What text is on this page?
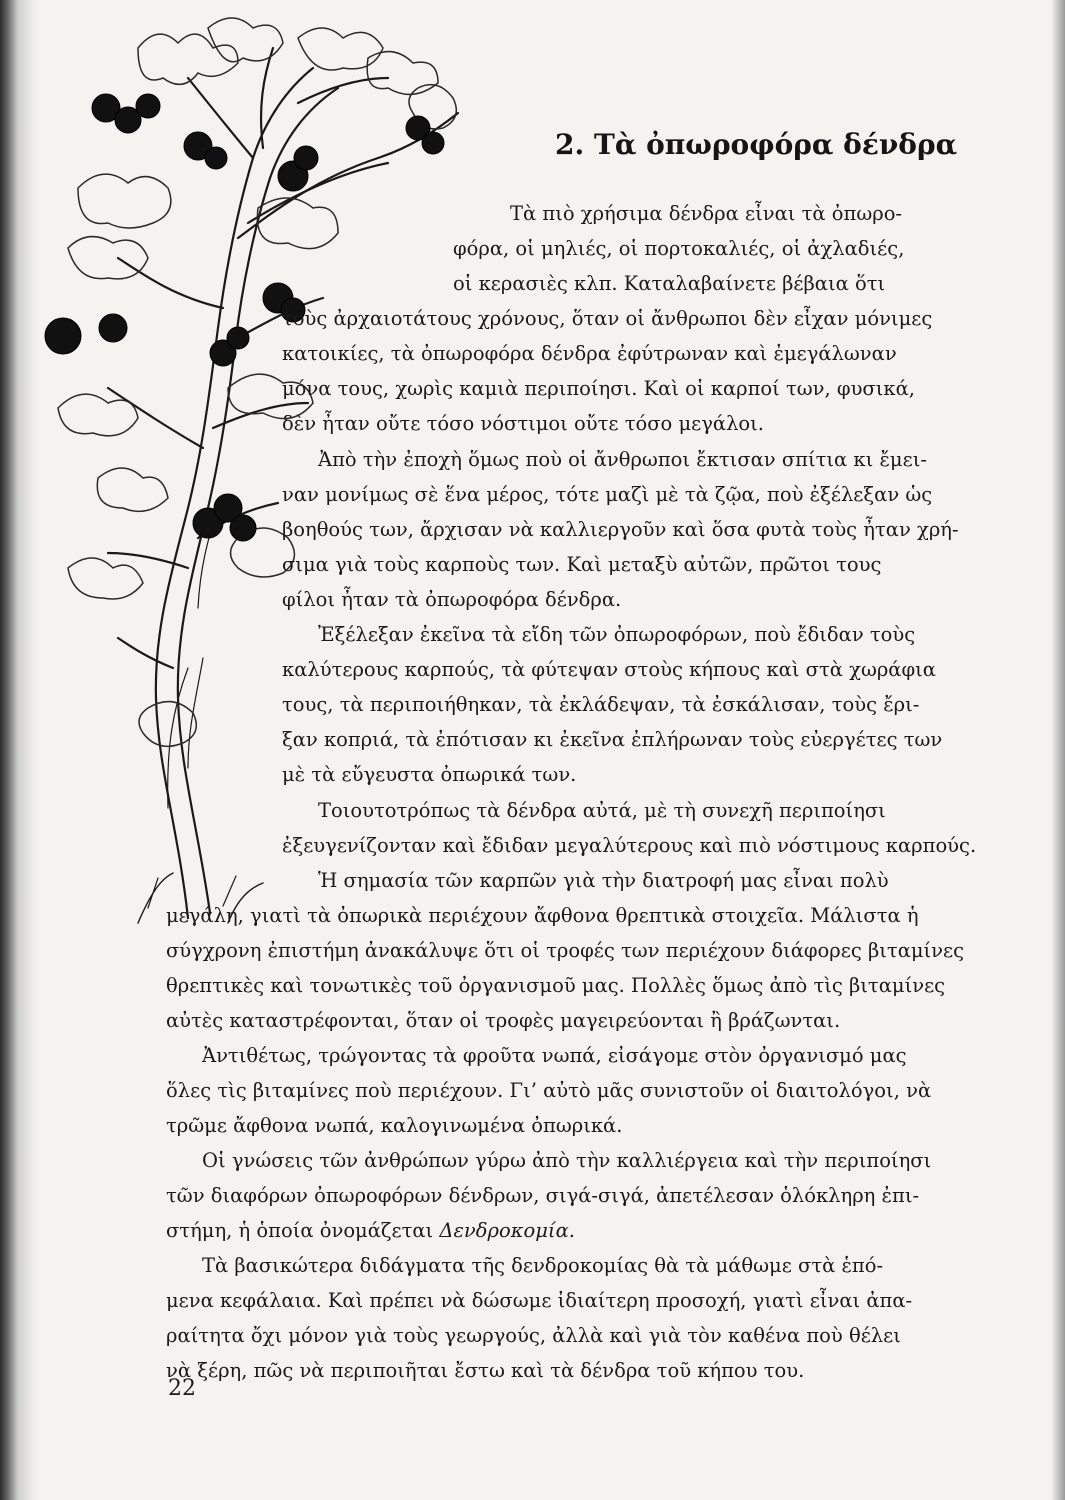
2. Τὰ ὀπωροφόρα δένδρα
Τὰ πιὸ χρήσιμα δένδρα εἶναι τὰ ὀπωρο-
φόρα, οἱ μηλιές, οἱ πορτοκαλιές, οἱ ἀχλαδιές,
οἱ κερασιὲς κλπ. Καταλαβαίνετε βέβαια ὅτι
τοὺς ἀρχαιοτάτους χρόνους, ὅταν οἱ ἄνθρωποι δὲν εἶχαν μόνιμες
κατοικίες, τὰ ὀπωροφόρα δένδρα ἐφύτρωναν καὶ ἐμεγάλωναν
μόνα τους, χωρὶς καμιὰ περιποίησι. Καὶ οἱ καρποί των, φυσικά,
δὲν ἦταν οὔτε τόσο νόστιμοι οὔτε τόσο μεγάλοι.
Ἀπὸ τὴν ἐποχὴ ὅμως ποὺ οἱ ἄνθρωποι ἔκτισαν σπίτια κι ἔμει-
ναν μονίμως σὲ ἕνα μέρος, τότε μαζὶ μὲ τὰ ζῷα, ποὺ ἐξέλεξαν ὡς
βοηθούς των, ἄρχισαν νὰ καλλιεργοῦν καὶ ὅσα φυτὰ τοὺς ἦταν χρή-
σιμα γιὰ τοὺς καρποὺς των. Καὶ μεταξὺ αὐτῶν, πρῶτοι τους
φίλοι ἦταν τὰ ὀπωροφόρα δένδρα.
Ἐξέλεξαν ἐκεῖνα τὰ εἴδη τῶν ὀπωροφόρων, ποὺ ἔδιδαν τοὺς
καλύτερους καρπούς, τὰ φύτεψαν στοὺς κήπους καὶ στὰ χωράφια
τους, τὰ περιποιήθηκαν, τὰ ἐκλάδεψαν, τὰ ἐσκάλισαν, τοὺς ἔρι-
ξαν κοπριά, τὰ ἐπότισαν κι ἐκεῖνα ἐπλήρωναν τοὺς εὐεργέτες των
μὲ τὰ εὔγευστα ὀπωρικά των.
Τοιουτοτρόπως τὰ δένδρα αὐτά, μὲ τὴ συνεχῆ περιποίησι
ἐξευγενίζονταν καὶ ἔδιδαν μεγαλύτερους καὶ πιὸ νόστιμους καρπούς.
Ἡ σημασία τῶν καρπῶν γιὰ τὴν διατροφή μας εἶναι πολὺ
μεγάλη, γιατὶ τὰ ὀπωρικὰ περιέχουν ἄφθονα θρεπτικὰ στοιχεῖα. Μάλιστα ἡ
σύγχρονη ἐπιστήμη ἀνακάλυψε ὅτι οἱ τροφές των περιέχουν διάφορες βιταμίνες
θρεπτικὲς καὶ τονωτικὲς τοῦ ὀργανισμοῦ μας. Πολλὲς ὅμως ἀπὸ τὶς βιταμίνες
αὐτὲς καταστρέφονται, ὅταν οἱ τροφὲς μαγειρεύονται ἢ βράζωνται.
Ἀντιθέτως, τρώγοντας τὰ φροῦτα νωπά, εἰσάγομε στὸν ὀργανισμό μας
ὅλες τὶς βιταμίνες ποὺ περιέχουν. Γι’ αὐτὸ μᾶς συνιστοῦν οἱ διαιτολόγοι, νὰ
τρῶμε ἄφθονα νωπά, καλογινωμένα ὀπωρικά.
Οἱ γνώσεις τῶν ἀνθρώπων γύρω ἀπὸ τὴν καλλιέργεια καὶ τὴν περιποίησι
τῶν διαφόρων ὀπωροφόρων δένδρων, σιγά-σιγά, ἀπετέλεσαν ὁλόκληρη ἐπι-
στήμη, ἡ ὁποία ὀνομάζεται Δενδροκομία.
Τὰ βασικώτερα διδάγματα τῆς δενδροκομίας θὰ τὰ μάθωμε στὰ ἑπό-
μενα κεφάλαια. Καὶ πρέπει νὰ δώσωμε ἰδιαίτερη προσοχή, γιατὶ εἶναι ἀπα-
ραίτητα ὄχι μόνον γιὰ τοὺς γεωργούς, ἀλλὰ καὶ γιὰ τὸν καθένα ποὺ θέλει
νὰ ξέρη, πῶς νὰ περιποιῆται ἔστω καὶ τὰ δένδρα τοῦ κήπου του.
22
